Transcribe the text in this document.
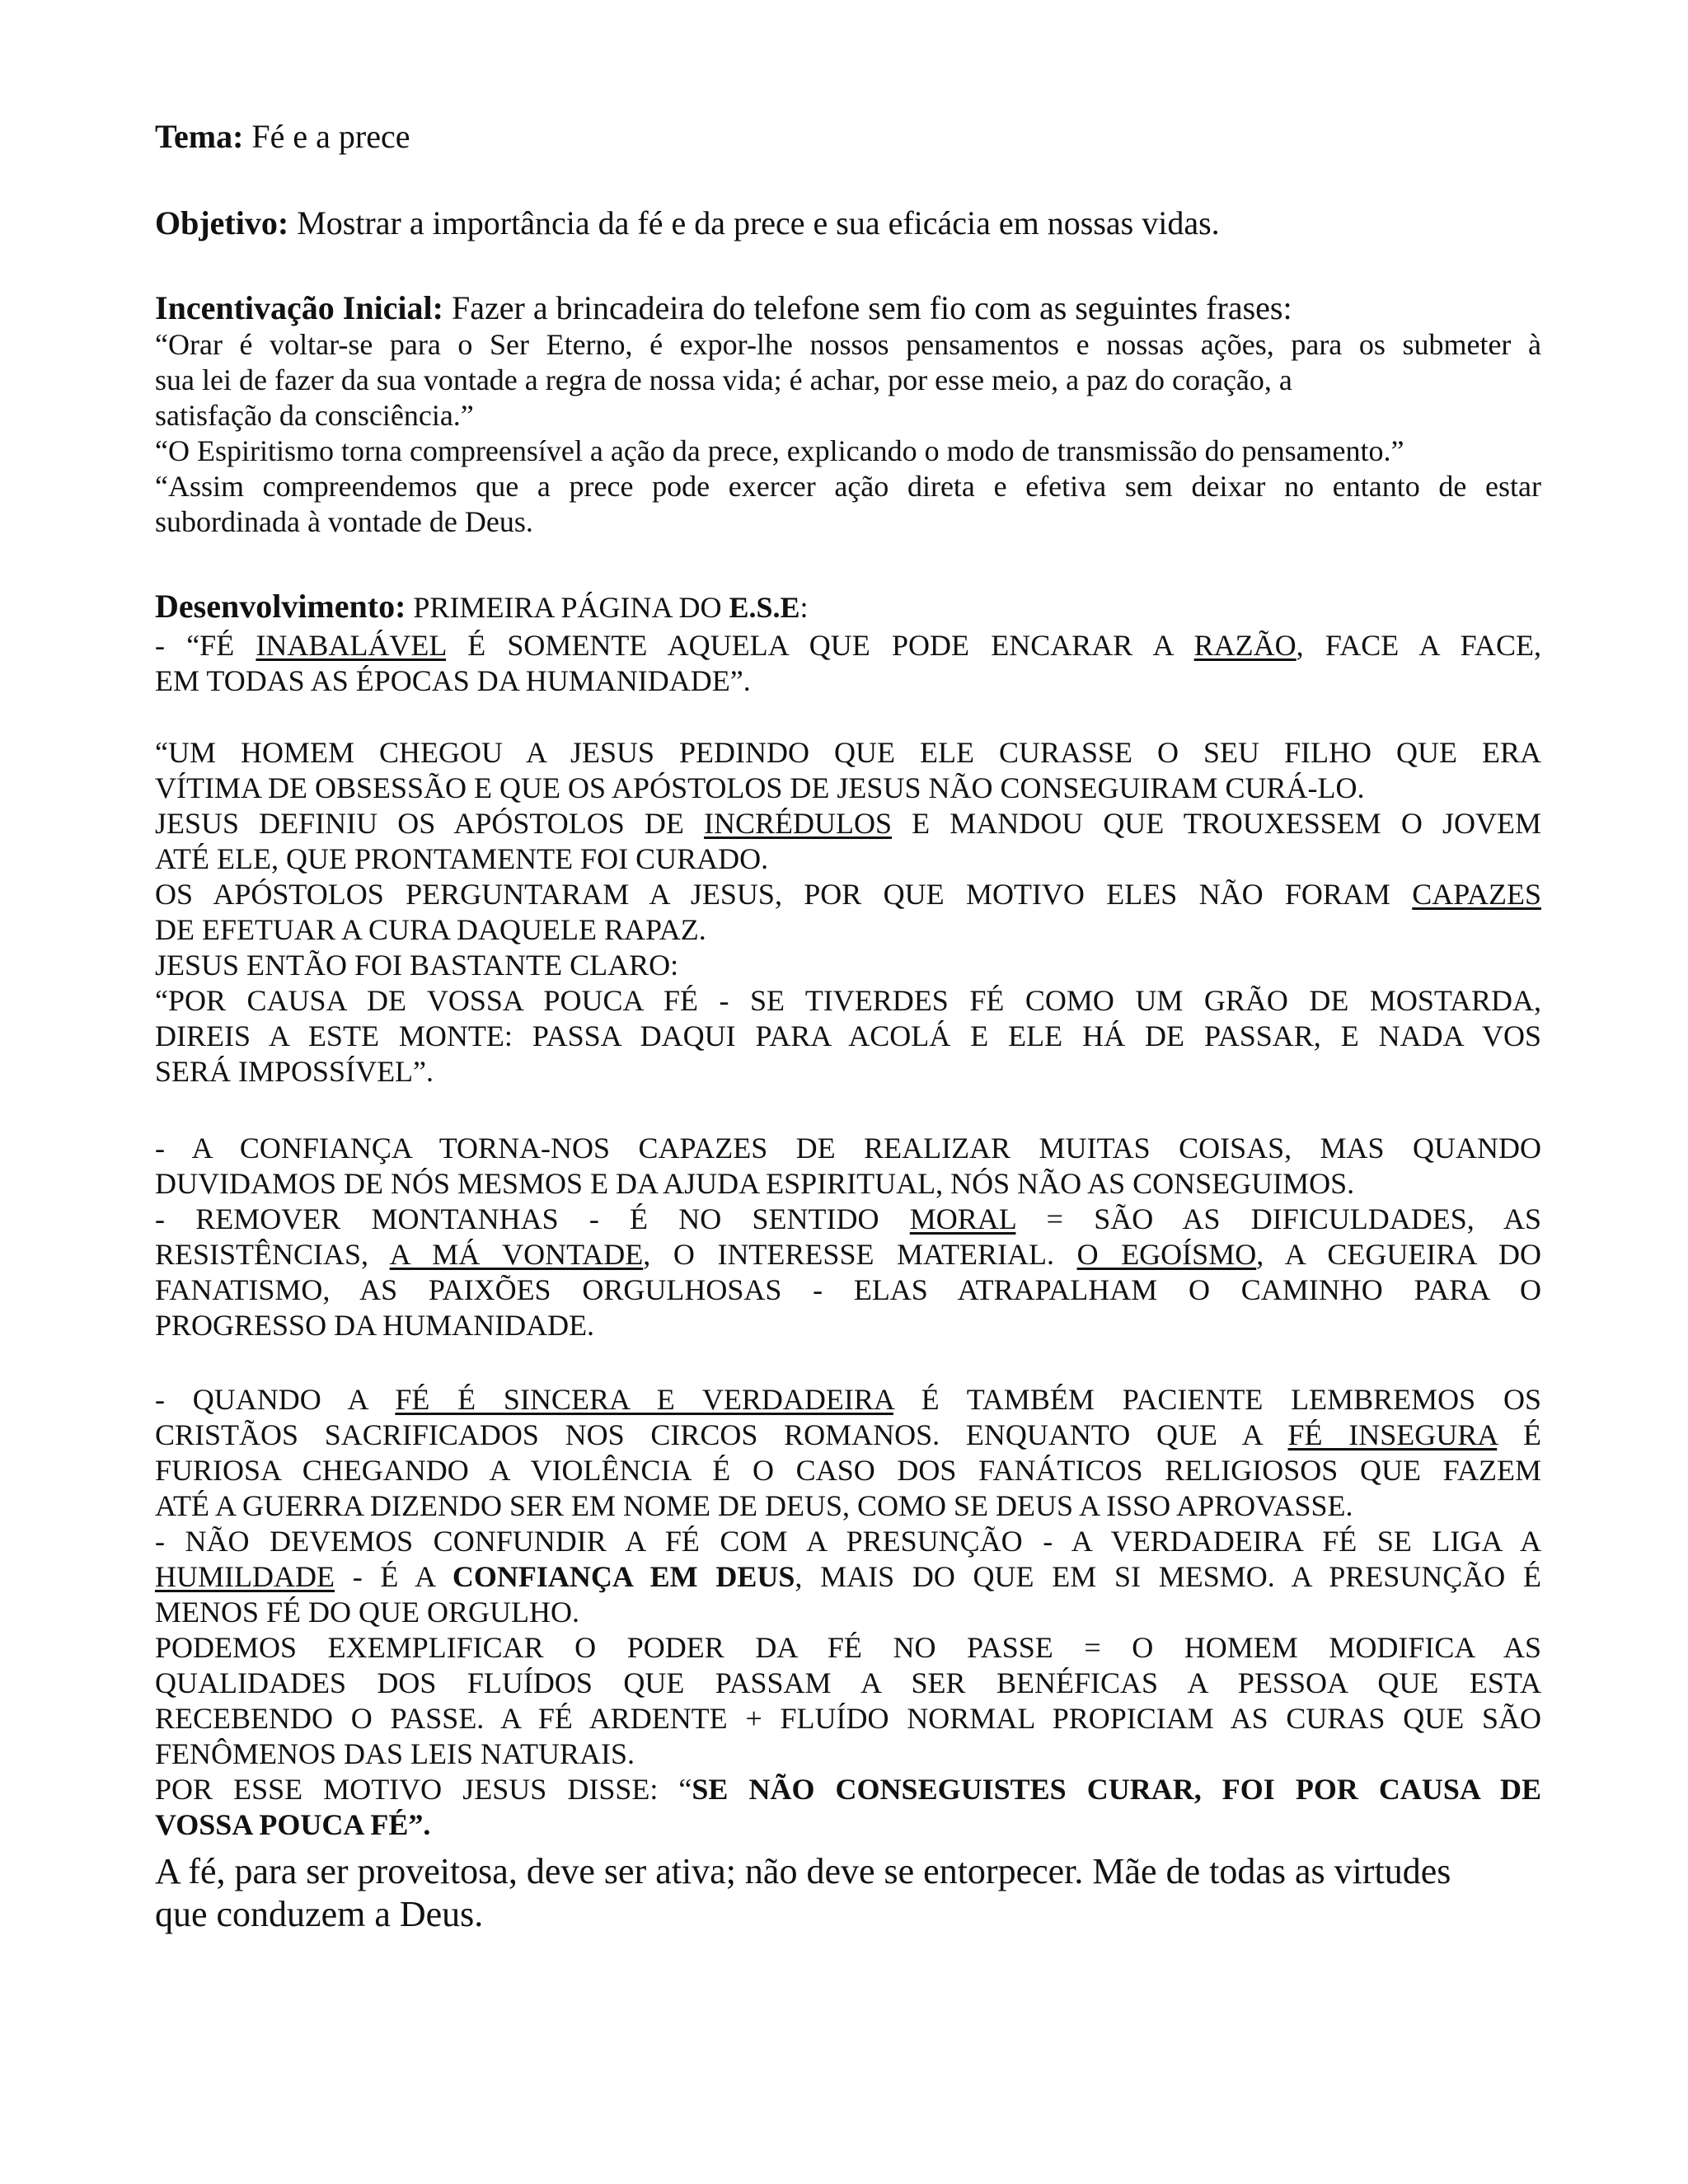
Tema: Fé e a prece
Objetivo: Mostrar a importância da fé e da prece e sua eficácia em nossas vidas.
Incentivação Inicial: Fazer a brincadeira do telefone sem fio com as seguintes frases:
“Orar é voltar-se para o Ser Eterno, é expor-lhe nossos pensamentos e nossas ações, para os submeter à
sua lei de fazer da sua vontade a regra de nossa vida; é achar, por esse meio, a paz do coração, a
satisfação da consciência.”
“O Espiritismo torna compreensível a ação da prece, explicando o modo de transmissão do pensamento.”
“Assim compreendemos que a prece pode exercer ação direta e efetiva sem deixar no entanto de estar
subordinada à vontade de Deus.
Desenvolvimento: PRIMEIRA PÁGINA DO E.S.E:
- “FÉ INABALÁVEL É SOMENTE AQUELA QUE PODE ENCARAR A RAZÃO, FACE A FACE,
EM TODAS AS ÉPOCAS DA HUMANIDADE”.
“UM HOMEM CHEGOU A JESUS PEDINDO QUE ELE CURASSE O SEU FILHO QUE ERA
VÍTIMA DE OBSESSÃO E QUE OS APÓSTOLOS DE JESUS NÃO CONSEGUIRAM CURÁ-LO.
JESUS DEFINIU OS APÓSTOLOS DE INCRÉDULOS E MANDOU QUE TROUXESSEM O JOVEM
ATÉ ELE, QUE PRONTAMENTE FOI CURADO.
OS APÓSTOLOS PERGUNTARAM A JESUS, POR QUE MOTIVO ELES NÃO FORAM CAPAZES
DE EFETUAR A CURA DAQUELE RAPAZ.
JESUS ENTÃO FOI BASTANTE CLARO:
“POR CAUSA DE VOSSA POUCA FÉ - SE TIVERDES FÉ COMO UM GRÃO DE MOSTARDA,
DIREIS A ESTE MONTE: PASSA DAQUI PARA ACOLÁ E ELE HÁ DE PASSAR, E NADA VOS
SERÁ IMPOSSÍVEL”.
- A CONFIANÇA TORNA-NOS CAPAZES DE REALIZAR MUITAS COISAS, MAS QUANDO
DUVIDAMOS DE NÓS MESMOS E DA AJUDA ESPIRITUAL, NÓS NÃO AS CONSEGUIMOS.
- REMOVER MONTANHAS - É NO SENTIDO MORAL = SÃO AS DIFICULDADES, AS
RESISTÊNCIAS, A MÁ VONTADE, O INTERESSE MATERIAL. O EGOÍSMO, A CEGUEIRA DO
FANATISMO, AS PAIXÕES ORGULHOSAS - ELAS ATRAPALHAM O CAMINHO PARA O
PROGRESSO DA HUMANIDADE.
- QUANDO A FÉ É SINCERA E VERDADEIRA É TAMBÉM PACIENTE LEMBREMOS OS
CRISTÃOS SACRIFICADOS NOS CIRCOS ROMANOS. ENQUANTO QUE A FÉ INSEGURA É
FURIOSA CHEGANDO A VIOLÊNCIA É O CASO DOS FANÁTICOS RELIGIOSOS QUE FAZEM
ATÉ A GUERRA DIZENDO SER EM NOME DE DEUS, COMO SE DEUS A ISSO APROVASSE.
- NÃO DEVEMOS CONFUNDIR A FÉ COM A PRESUNÇÃO - A VERDADEIRA FÉ SE LIGA A
HUMILDADE - É A CONFIANÇA EM DEUS, MAIS DO QUE EM SI MESMO. A PRESUNÇÃO É
MENOS FÉ DO QUE ORGULHO.
PODEMOS EXEMPLIFICAR O PODER DA FÉ NO PASSE = O HOMEM MODIFICA AS
QUALIDADES DOS FLUÍDOS QUE PASSAM A SER BENÉFICAS A PESSOA QUE ESTA
RECEBENDO O PASSE. A FÉ ARDENTE + FLUÍDO NORMAL PROPICIAM AS CURAS QUE SÃO
FENÔMENOS DAS LEIS NATURAIS.
POR ESSE MOTIVO JESUS DISSE: “SE NÃO CONSEGUISTES CURAR, FOI POR CAUSA DE
VOSSA POUCA FÉ”.
A fé, para ser proveitosa, deve ser ativa; não deve se entorpecer. Mãe de todas as virtudes
que conduzem a Deus.
